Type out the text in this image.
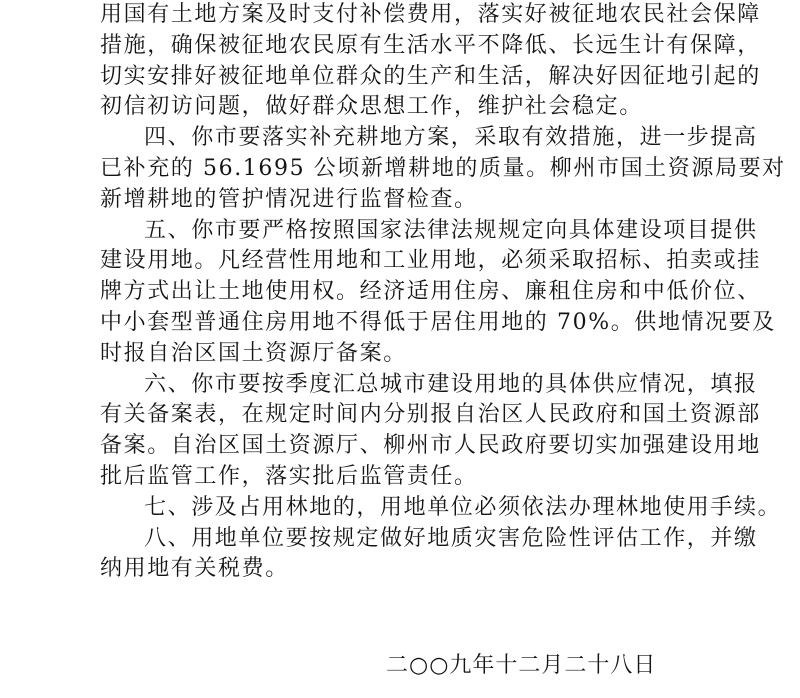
用国有土地方案及时支付补偿费用，落实好被征地农民社会保障
措施，确保被征地农民原有生活水平不降低、长远生计有保障，
切实安排好被征地单位群众的生产和生活，解决好因征地引起的
初信初访问题，做好群众思想工作，维护社会稳定。
四、你市要落实补充耕地方案，采取有效措施，进一步提高
已补充的 56.1695 公顷新增耕地的质量。柳州市国土资源局要对
新增耕地的管护情况进行监督检查。
五、你市要严格按照国家法律法规规定向具体建设项目提供
建设用地。凡经营性用地和工业用地，必须采取招标、拍卖或挂
牌方式出让土地使用权。经济适用住房、廉租住房和中低价位、
中小套型普通住房用地不得低于居住用地的 70%。供地情况要及
时报自治区国土资源厅备案。
六、你市要按季度汇总城市建设用地的具体供应情况，填报
有关备案表，在规定时间内分别报自治区人民政府和国土资源部
备案。自治区国土资源厅、柳州市人民政府要切实加强建设用地
批后监管工作，落实批后监管责任。
七、涉及占用林地的，用地单位必须依法办理林地使用手续。
八、用地单位要按规定做好地质灾害危险性评估工作，并缴
纳用地有关税费。
二○○九年十二月二十八日
